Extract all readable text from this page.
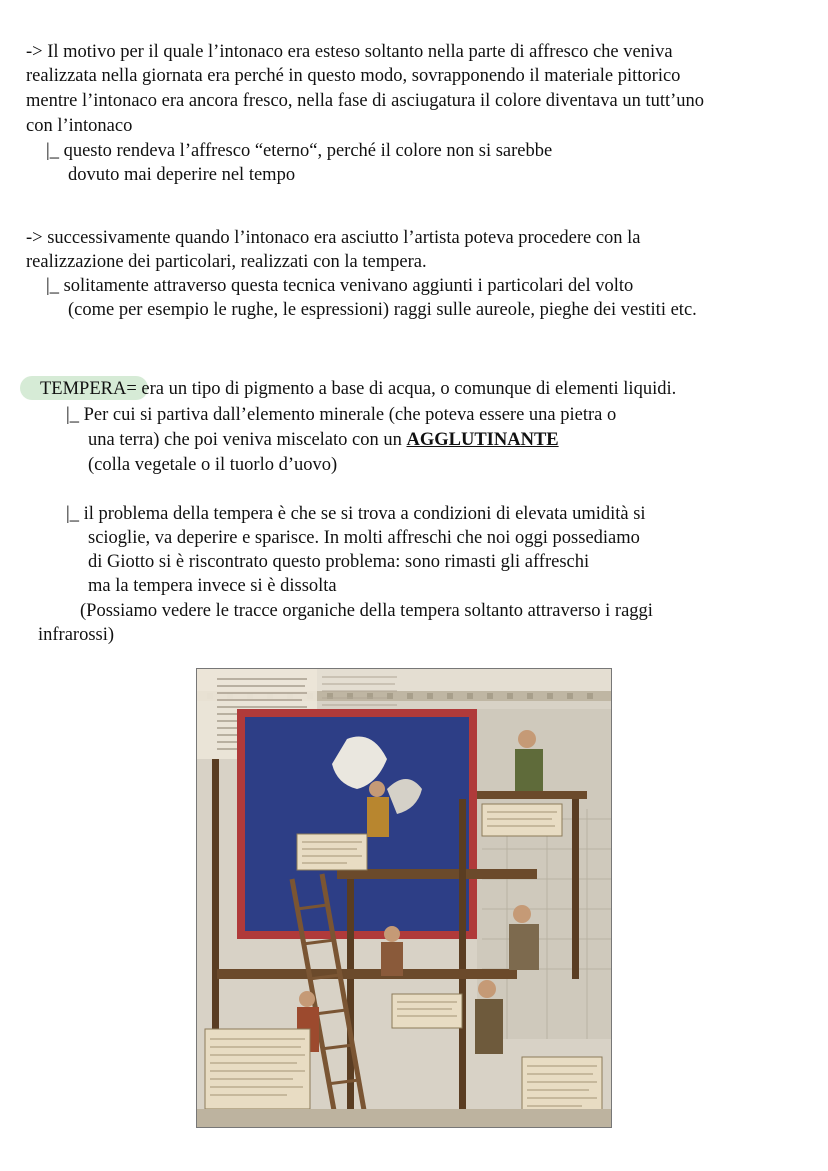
-> Il motivo per il quale l’intonaco era esteso soltanto nella parte di affresco che veniva
realizzata nella giornata era perché in questo modo, sovrapponendo il materiale pittorico
mentre l’intonaco era ancora fresco, nella fase di asciugatura il colore diventava un tutt’uno
con l’intonaco
|_ questo rendeva l’affresco “eterno“, perché il colore non si sarebbe
dovuto mai deperire nel tempo
-> successivamente quando l’intonaco era asciutto l’artista poteva procedere con la
realizzazione dei particolari, realizzati con la tempera.
|_ solitamente attraverso questa tecnica venivano aggiunti i particolari del volto
(come per esempio le rughe, le espressioni) raggi sulle aureole, pieghe dei vestiti etc.
TEMPERA= era un tipo di pigmento a base di acqua, o comunque di elementi liquidi.
|_ Per cui si partiva dall’elemento minerale (che poteva essere una pietra o
una terra) che poi veniva miscelato con un AGGLUTINANTE
(colla vegetale o il tuorlo d’uovo)
|_ il problema della tempera è che se si trova a condizioni di elevata umidità si
scioglie, va deperire e sparisce. In molti affreschi che noi oggi possediamo
di Giotto si è riscontrato questo problema: sono rimasti gli affreschi
ma la tempera invece si è dissolta
(Possiamo vedere le tracce organiche della tempera soltanto attraverso i raggi
infrarossi)
